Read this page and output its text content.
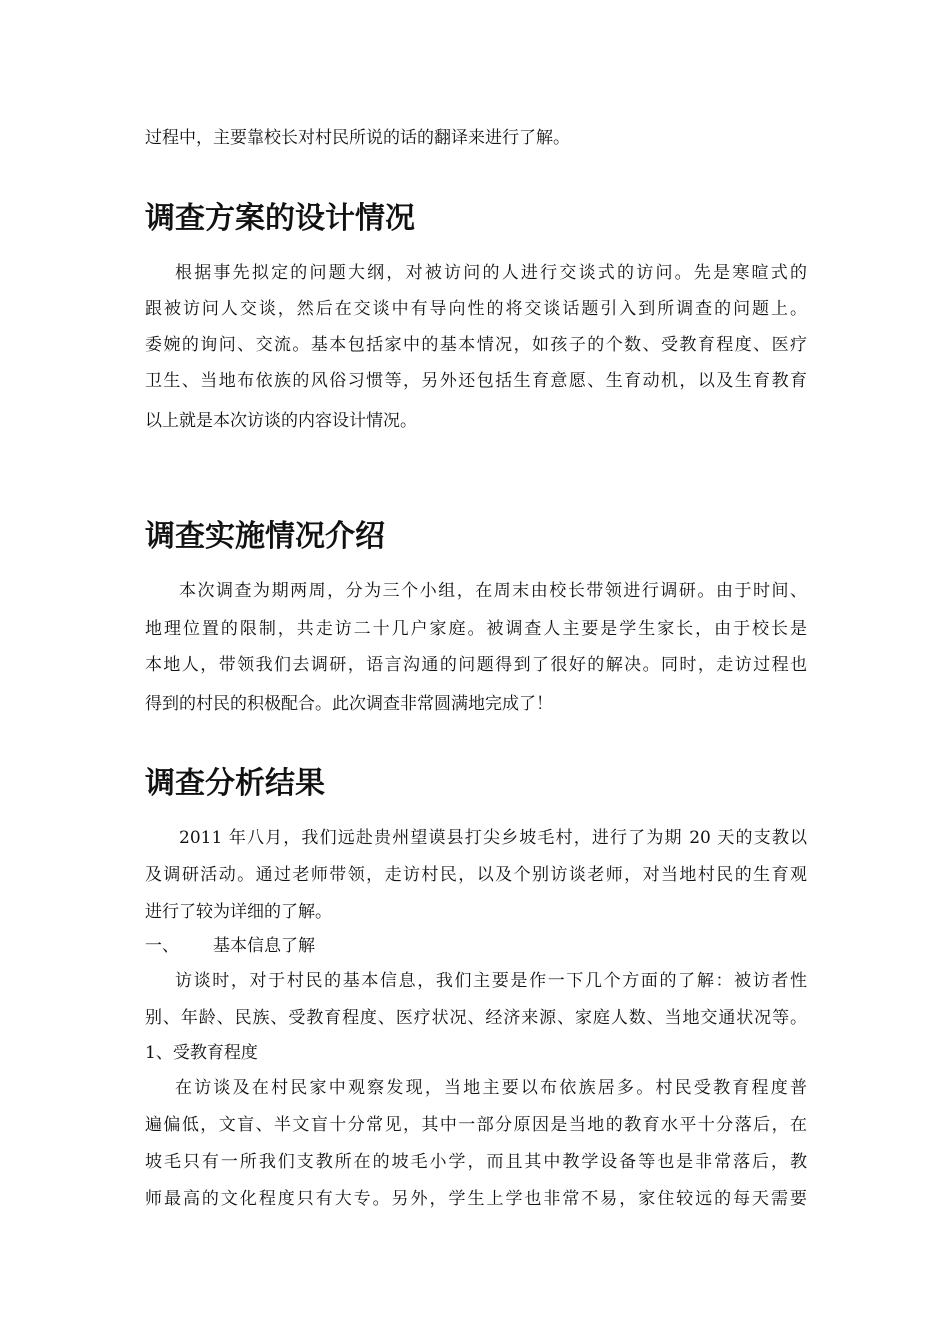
过程中，主要靠校长对村民所说的话的翻译来进行了解。
调查方案的设计情况
根据事先拟定的问题大纲，对被访问的人进行交谈式的访问。先是寒暄式的
跟被访问人交谈，然后在交谈中有导向性的将交谈话题引入到所调查的问题上。
委婉的询问、交流。基本包括家中的基本情况，如孩子的个数、受教育程度、医疗
卫生、当地布依族的风俗习惯等，另外还包括生育意愿、生育动机，以及生育教育
以上就是本次访谈的内容设计情况。
调查实施情况介绍
本次调查为期两周，分为三个小组，在周末由校长带领进行调研。由于时间、
地理位置的限制，共走访二十几户家庭。被调查人主要是学生家长，由于校长是
本地人，带领我们去调研，语言沟通的问题得到了很好的解决。同时，走访过程也
得到的村民的积极配合。此次调查非常圆满地完成了！
调查分析结果
2011 年八月，我们远赴贵州望谟县打尖乡坡毛村，进行了为期 20 天的支教以
及调研活动。通过老师带领，走访村民，以及个别访谈老师，对当地村民的生育观
进行了较为详细的了解。
一、 基本信息了解
访谈时，对于村民的基本信息，我们主要是作一下几个方面的了解：被访者性
别、年龄、民族、受教育程度、医疗状况、经济来源、家庭人数、当地交通状况等。
1、受教育程度
在访谈及在村民家中观察发现，当地主要以布依族居多。村民受教育程度普
遍偏低，文盲、半文盲十分常见，其中一部分原因是当地的教育水平十分落后，在
坡毛只有一所我们支教所在的坡毛小学，而且其中教学设备等也是非常落后，教
师最高的文化程度只有大专。另外，学生上学也非常不易，家住较远的每天需要
